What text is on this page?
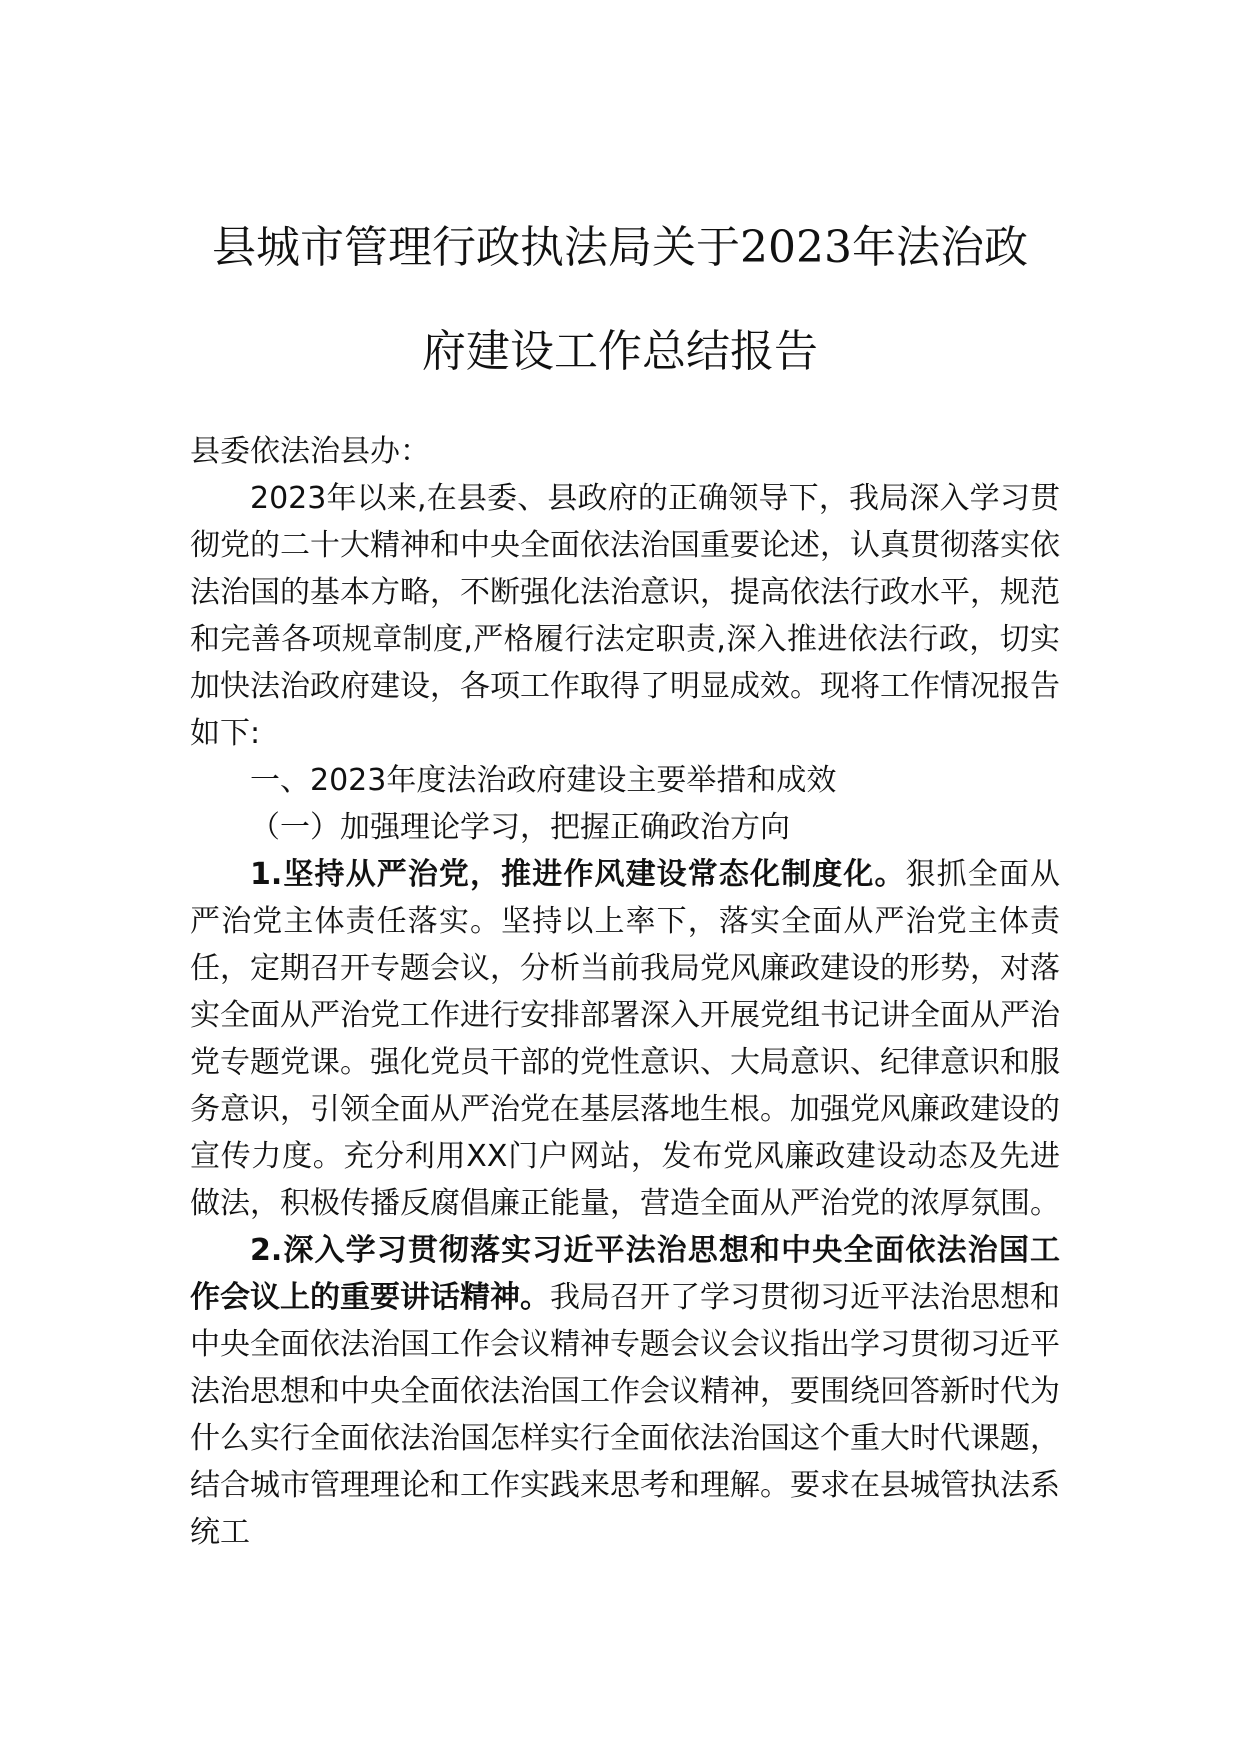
县城市管理行政执法局关于2023年法治政
府建设工作总结报告

县委依法治县办：

2023年以来,在县委、县政府的正确领导下，我局深入学习贯彻党的二十大精神和中央全面依法治国重要论述，认真贯彻落实依法治国的基本方略，不断强化法治意识，提高依法行政水平，规范和完善各项规章制度,严格履行法定职责,深入推进依法行政，切实加快法治政府建设，各项工作取得了明显成效。现将工作情况报告如下:

一、2023年度法治政府建设主要举措和成效

（一）加强理论学习，把握正确政治方向

1.坚持从严治党，推进作风建设常态化制度化。狠抓全面从严治党主体责任落实。坚持以上率下，落实全面从严治党主体责任，定期召开专题会议，分析当前我局党风廉政建设的形势，对落实全面从严治党工作进行安排部署深入开展党组书记讲全面从严治党专题党课。强化党员干部的党性意识、大局意识、纪律意识和服务意识，引领全面从严治党在基层落地生根。加强党风廉政建设的宣传力度。充分利用XX门户网站，发布党风廉政建设动态及先进做法，积极传播反腐倡廉正能量，营造全面从严治党的浓厚氛围。

2.深入学习贯彻落实习近平法治思想和中央全面依法治国工作会议上的重要讲话精神。我局召开了学习贯彻习近平法治思想和中央全面依法治国工作会议精神专题会议会议指出学习贯彻习近平法治思想和中央全面依法治国工作会议精神，要围绕回答新时代为什么实行全面依法治国怎样实行全面依法治国这个重大时代课题，结合城市管理理论和工作实践来思考和理解。要求在县城管执法系统工
